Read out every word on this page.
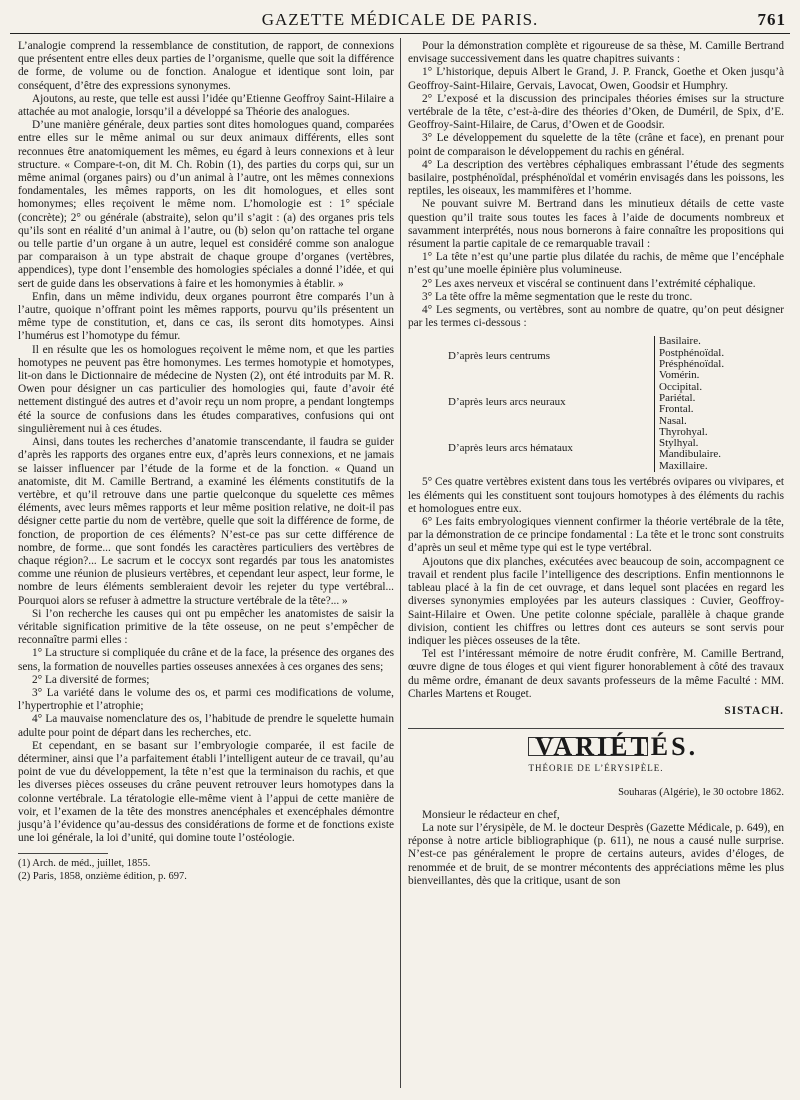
GAZETTE MÉDICALE DE PARIS.	761

L’analogie comprend la ressemblance de constitution, de rapport, de connexions que présentent entre elles deux parties de l’organisme, quelle que soit la différence de forme, de volume ou de fonction. Analogue et identique sont loin, par conséquent, d’être des expressions synonymes.

Ajoutons, au reste, que telle est aussi l’idée qu’Etienne Geoffroy Saint-Hilaire a attachée au mot analogie, lorsqu’il a développé sa Théorie des analogues.

D’une manière générale, deux parties sont dites homologues quand, comparées entre elles sur le même animal ou sur deux animaux différents, elles sont reconnues être anatomiquement les mêmes, eu égard à leurs connexions et à leur structure. « Compare-t-on, dit M. Ch. Robin (1), des parties du corps qui, sur un même animal (organes pairs) ou d’un animal à l’autre, ont les mêmes connexions fondamentales, les mêmes rapports, on les dit homologues, et elles sont homonymes; elles reçoivent le même nom. L’homologie est : 1° spéciale (concrète); 2° ou générale (abstraite), selon qu’il s’agit : (a) des organes pris tels qu’ils sont en réalité d’un animal à l’autre, ou (b) selon qu’on rattache tel organe ou telle partie d’un organe à un autre, lequel est considéré comme son analogue par comparaison à un type abstrait de chaque groupe d’organes (vertèbres, appendices), type dont l’ensemble des homologies spéciales a donné l’idée, et qui sert de guide dans les observations à faire et les homonymies à établir. »

Enfin, dans un même individu, deux organes pourront être comparés l’un à l’autre, quoique n’offrant point les mêmes rapports, pourvu qu’ils présentent un même type de constitution, et, dans ce cas, ils seront dits homotypes. Ainsi l’humérus est l’homotype du fémur.

Il en résulte que les os homologues reçoivent le même nom, et que les parties homotypes ne peuvent pas être homonymes. Les termes homotypie et homotypes, lit-on dans le Dictionnaire de médecine de Nysten (2), ont été introduits par M. R. Owen pour désigner un cas particulier des homologies qui, faute d’avoir été nettement distingué des autres et d’avoir reçu un nom propre, a pendant longtemps été la source de confusions dans les études comparatives, confusions qui ont singulièrement nui à ces études.

Ainsi, dans toutes les recherches d’anatomie transcendante, il faudra se guider d’après les rapports des organes entre eux, d’après leurs connexions, et ne jamais se laisser influencer par l’étude de la forme et de la fonction. « Quand un anatomiste, dit M. Camille Bertrand, a examiné les éléments constitutifs de la vertèbre, et qu’il retrouve dans une partie quelconque du squelette ces mêmes éléments, avec leurs mêmes rapports et leur même position relative, ne doit-il pas désigner cette partie du nom de vertèbre, quelle que soit la différence de forme, de fonction, de proportion de ces éléments? N’est-ce pas sur cette différence de nombre, de forme... que sont fondés les caractères particuliers des vertèbres de chaque région?... Le sacrum et le coccyx sont regardés par tous les anatomistes comme une réunion de plusieurs vertèbres, et cependant leur aspect, leur forme, le nombre de leurs éléments sembleraient devoir les rejeter du type vertébral... Pourquoi alors se refuser à admettre la structure vertébrale de la tête?... »

Si l’on recherche les causes qui ont pu empêcher les anatomistes de saisir la véritable signification primitive de la tête osseuse, on ne peut s’empêcher de reconnaître parmi elles :

1° La structure si compliquée du crâne et de la face, la présence des organes des sens, la formation de nouvelles parties osseuses annexées à ces organes des sens;

2° La diversité de formes;

3° La variété dans le volume des os, et parmi ces modifications de volume, l’hypertrophie et l’atrophie;

4° La mauvaise nomenclature des os, l’habitude de prendre le squelette humain adulte pour point de départ dans les recherches, etc.

Et cependant, en se basant sur l’embryologie comparée, il est facile de déterminer, ainsi que l’a parfaitement établi l’intelligent auteur de ce travail, qu’au point de vue du développement, la tête n’est que la terminaison du rachis, et que les diverses pièces osseuses du crâne peuvent retrouver leurs homotypes dans la colonne vertébrale. La tératologie elle-même vient à l’appui de cette manière de voir, et l’examen de la tête des monstres anencéphales et exencéphales démontre jusqu’à l’évidence qu’au-dessus des considérations de forme et de fonctions existe une loi générale, la loi d’unité, qui domine toute l’ostéologie.

(1) Arch. de méd., juillet, 1855.

(2) Paris, 1858, onzième édition, p. 697.

Pour la démonstration complète et rigoureuse de sa thèse, M. Camille Bertrand envisage successivement dans les quatre chapitres suivants :

1° L’historique, depuis Albert le Grand, J. P. Franck, Goethe et Oken jusqu’à Geoffroy-Saint-Hilaire, Gervais, Lavocat, Owen, Goodsir et Humphry.

2° L’exposé et la discussion des principales théories émises sur la structure vertébrale de la tête, c’est-à-dire des théories d’Oken, de Duméril, de Spix, d’E. Geoffroy-Saint-Hilaire, de Carus, d’Owen et de Goodsir.

3° Le développement du squelette de la tête (crâne et face), en prenant pour point de comparaison le développement du rachis en général.

4° La description des vertèbres céphaliques embrassant l’étude des segments basilaire, postphénoïdal, présphénoïdal et vomérin envisagés dans les poissons, les reptiles, les oiseaux, les mammifères et l’homme.

Ne pouvant suivre M. Bertrand dans les minutieux détails de cette vaste question qu’il traite sous toutes les faces à l’aide de documents nombreux et savamment interprétés, nous nous bornerons à faire connaître les propositions qui résument la partie capitale de ce remarquable travail :

1° La tête n’est qu’une partie plus dilatée du rachis, de même que l’encéphale n’est qu’une moelle épinière plus volumineuse.

2° Les axes nerveux et viscéral se continuent dans l’extrémité céphalique.

3° La tête offre la même segmentation que le reste du tronc.

4° Les segments, ou vertèbres, sont au nombre de quatre, qu’on peut désigner par les termes ci-dessous :

D’après leurs centrums
D’après leurs arcs neuraux
D’après leurs arcs hémataux
Basilaire.
Postphénoïdal.
Présphénoïdal.
Vomérin.
Occipital.
Pariétal.
Frontal.
Nasal.
Thyrohyal.
Stylhyal.
Mandibulaire.
Maxillaire.

5° Ces quatre vertèbres existent dans tous les vertébrés ovipares ou vivipares, et les éléments qui les constituent sont toujours homotypes à des éléments du rachis et homologues entre eux.

6° Les faits embryologiques viennent confirmer la théorie vertébrale de la tête, par la démonstration de ce principe fondamental : La tête et le tronc sont construits d’après un seul et même type qui est le type vertébral.

Ajoutons que dix planches, exécutées avec beaucoup de soin, accompagnent ce travail et rendent plus facile l’intelligence des descriptions. Enfin mentionnons le tableau placé à la fin de cet ouvrage, et dans lequel sont placées en regard les diverses synonymies employées par les auteurs classiques : Cuvier, Geoffroy-Saint-Hilaire et Owen. Une petite colonne spéciale, parallèle à chaque grande division, contient les chiffres ou lettres dont ces auteurs se sont servis pour indiquer les pièces osseuses de la tête.

Tel est l’intéressant mémoire de notre érudit confrère, M. Camille Bertrand, œuvre digne de tous éloges et qui vient figurer honorablement à côté des travaux du même ordre, émanant de deux savants professeurs de la même Faculté : MM. Charles Martens et Rouget.

SISTACH.

VARIÉTÉS.
THÉORIE DE L’ÉRYSIPÈLE.
Souharas (Algérie), le 30 octobre 1862.

Monsieur le rédacteur en chef,

La note sur l’érysipèle, de M. le docteur Desprès (Gazette Médicale, p. 649), en réponse à notre article bibliographique (p. 611), ne nous a causé nulle surprise. N’est-ce pas généralement le propre de certains auteurs, avides d’éloges, de renommée et de bruit, de se montrer mécontents des appréciations même les plus bienveillantes, dès que la critique, usant de son
